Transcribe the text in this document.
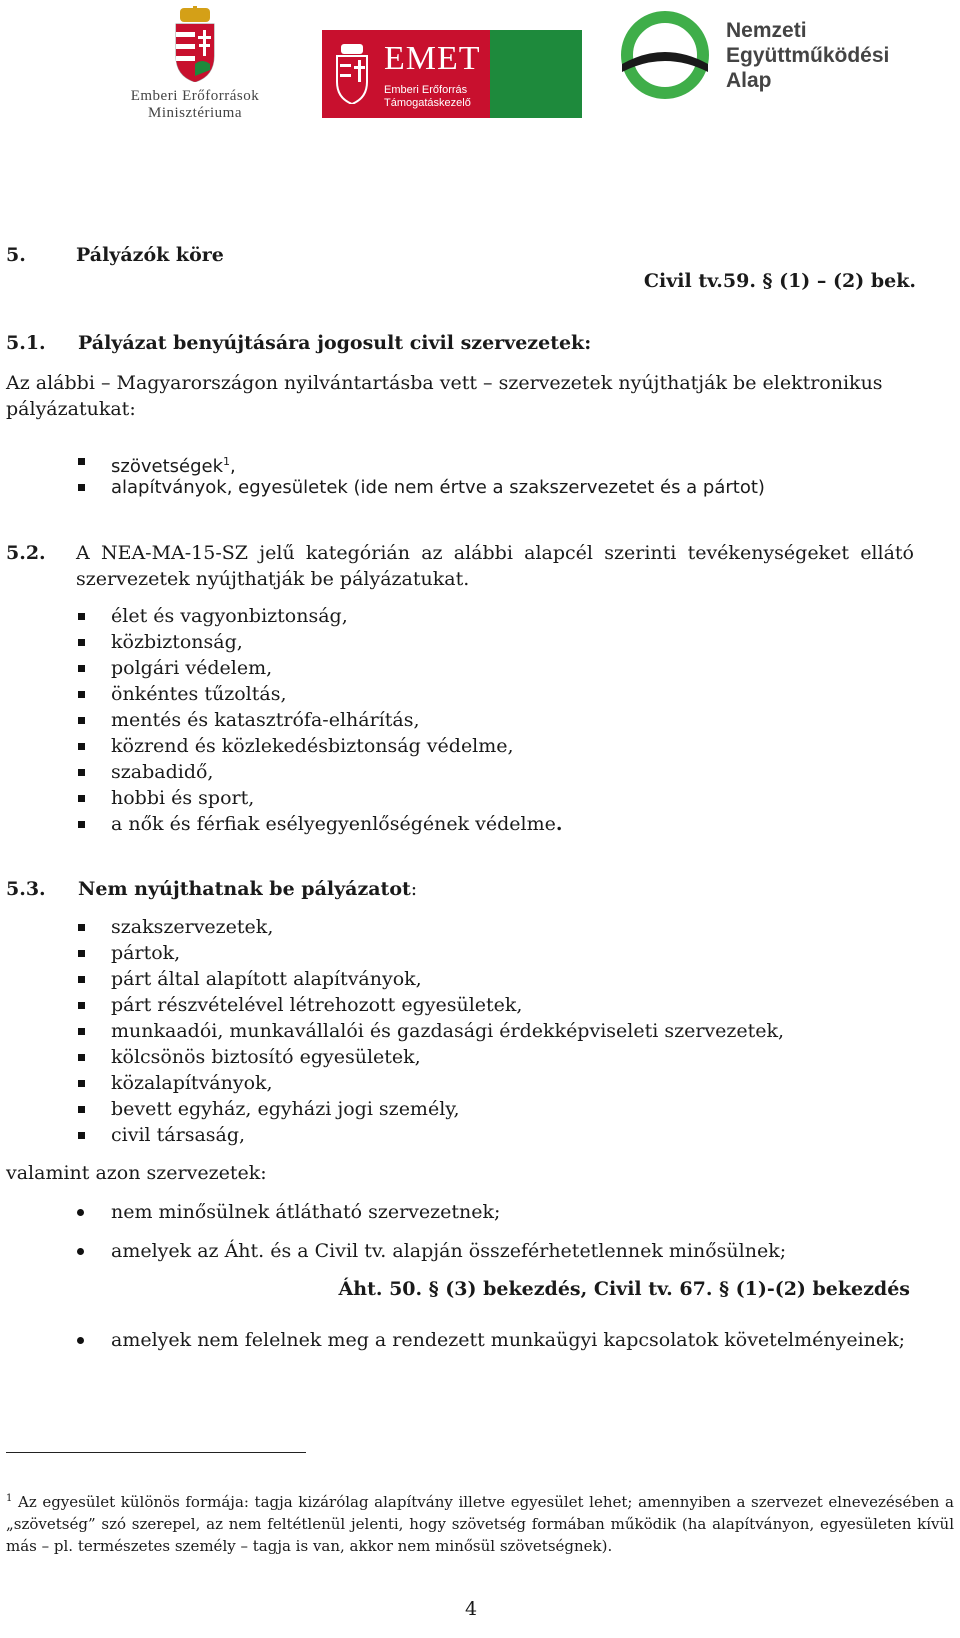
Emberi Erőforrások
Minisztériuma
EMET
Emberi Erőforrás
Támogatáskezelő
Nemzeti
Együttműködési
Alap
5.	Pályázók köre
Civil tv.59. § (1) – (2) bek.
5.1. Pályázat benyújtására jogosult civil szervezetek:
Az alábbi – Magyarországon nyilvántartásba vett – szervezetek nyújthatják be elektronikus
pályázatukat:
szövetségek$^1$,
alapítványok, egyesületek (ide nem értve a szakszervezetet és a pártot)
5.2. A NEA-MA-15-SZ jelű kategórián az alábbi alapcél szerinti tevékenységeket ellátó
szervezetek nyújthatják be pályázatukat.
élet és vagyonbiztonság,
közbiztonság,
polgári védelem,
önkéntes tűzoltás,
mentés és katasztrófa-elhárítás,
közrend és közlekedésbiztonság védelme,
szabadidő,
hobbi és sport,
a nők és férfiak esélyegyenlőségének védelme.
5.3. Nem nyújthatnak be pályázatot:
szakszervezetek,
pártok,
párt által alapított alapítványok,
párt részvételével létrehozott egyesületek,
munkaadói, munkavállalói és gazdasági érdekképviseleti szervezetek,
kölcsönös biztosító egyesületek,
közalapítványok,
bevett egyház, egyházi jogi személy,
civil társaság,
valamint azon szervezetek:
nem minősülnek átlátható szervezetnek;
amelyek az Áht. és a Civil tv. alapján összeférhetetlennek minősülnek;
Áht. 50. § (3) bekezdés, Civil tv. 67. § (1)-(2) bekezdés
amelyek nem felelnek meg a rendezett munkaügyi kapcsolatok követelményeinek;
$^1$ Az egyesület különös formája: tagja kizárólag alapítvány illetve egyesület lehet; amennyiben a szervezet elnevezésében a „szövetség” szó szerepel, az nem feltétlenül jelenti, hogy szövetség formában működik (ha alapítványon, egyesületen kívül más – pl. természetes személy – tagja is van, akkor nem minősül szövetségnek).
4
